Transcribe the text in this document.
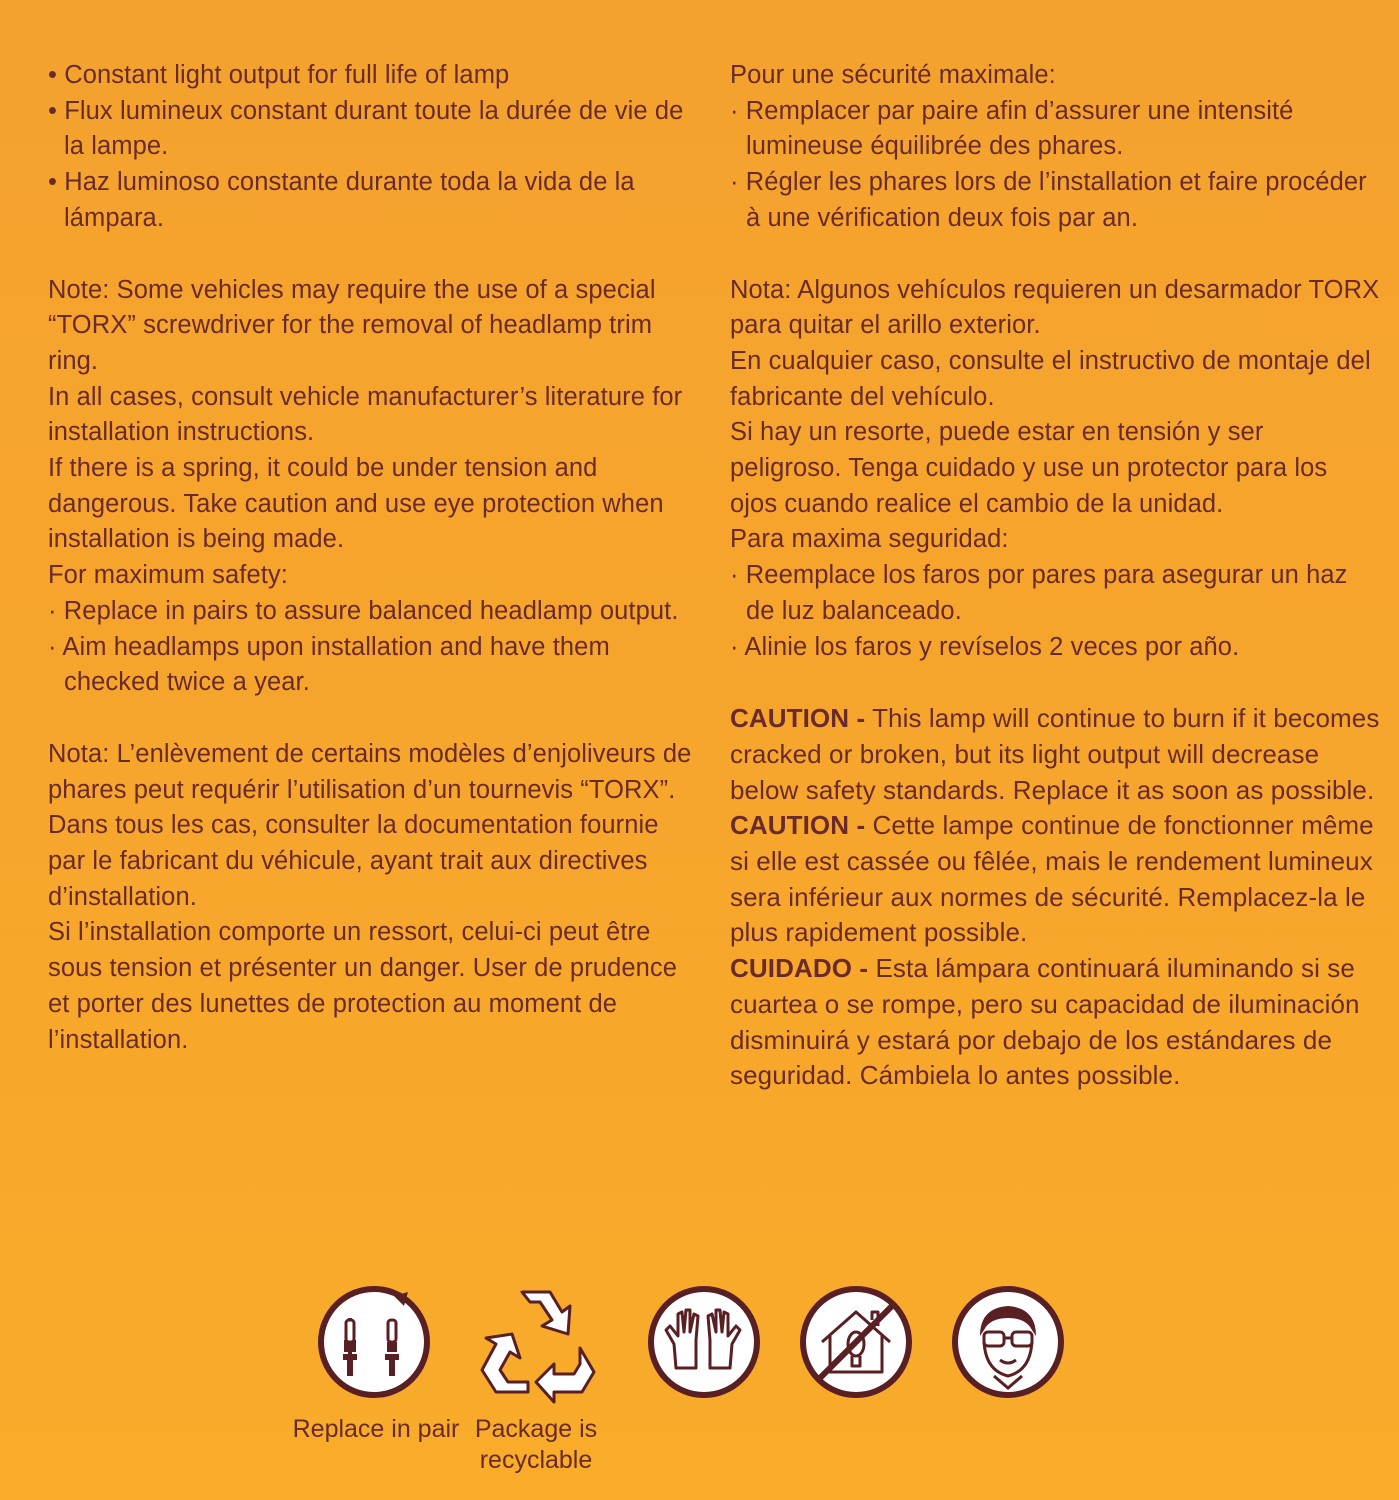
• Constant light output for full life of lamp

• Flux lumineux constant durant toute la durée de vie de la lampe.

• Haz luminoso constante durante toda la vida de la lámpara.

Note: Some vehicles may require the use of a special “TORX” screwdriver for the removal of headlamp trim ring.

In all cases, consult vehicle manufacturer’s literature for installation instructions.

If there is a spring, it could be under tension and dangerous. Take caution and use eye protection when installation is being made.

For maximum safety:

· Replace in pairs to assure balanced headlamp output.

· Aim headlamps upon installation and have them checked twice a year.

Nota: L’enlèvement de certains modèles d’enjoliveurs de phares peut requérir l’utilisation d’un tournevis “TORX”.

Dans tous les cas, consulter la documentation fournie par le fabricant du véhicule, ayant trait aux directives d’installation.

Si l’installation comporte un ressort, celui-ci peut être sous tension et présenter un danger. User de prudence et porter des lunettes de protection au moment de l’installation.

Pour une sécurité maximale:

· Remplacer par paire afin d’assurer une intensité lumineuse équilibrée des phares.

· Régler les phares lors de l’installation et faire procéder à une vérification deux fois par an.

Nota: Algunos vehículos requieren un desarmador TORX para quitar el arillo exterior.

En cualquier caso, consulte el instructivo de montaje del fabricante del vehículo.

Si hay un resorte, puede estar en tensión y ser peligroso. Tenga cuidado y use un protector para los ojos cuando realice el cambio de la unidad.

Para maxima seguridad:

· Reemplace los faros por pares para asegurar un haz de luz balanceado.

· Alinie los faros y revíselos 2 veces por año.

CAUTION - This lamp will continue to burn if it becomes cracked or broken, but its light output will decrease below safety standards. Replace it as soon as possible.

CAUTION - Cette lampe continue de fonctionner même si elle est cassée ou fêlée, mais le rendement lumineux sera inférieur aux normes de sécurité. Remplacez-la le plus rapidement possible.

CUIDADO - Esta lámpara continuará iluminando si se cuartea o se rompe, pero su capacidad de iluminación disminuirá y estará por debajo de los estándares de seguridad. Cámbiela lo antes possible.

Replace in pair Package is recyclable
